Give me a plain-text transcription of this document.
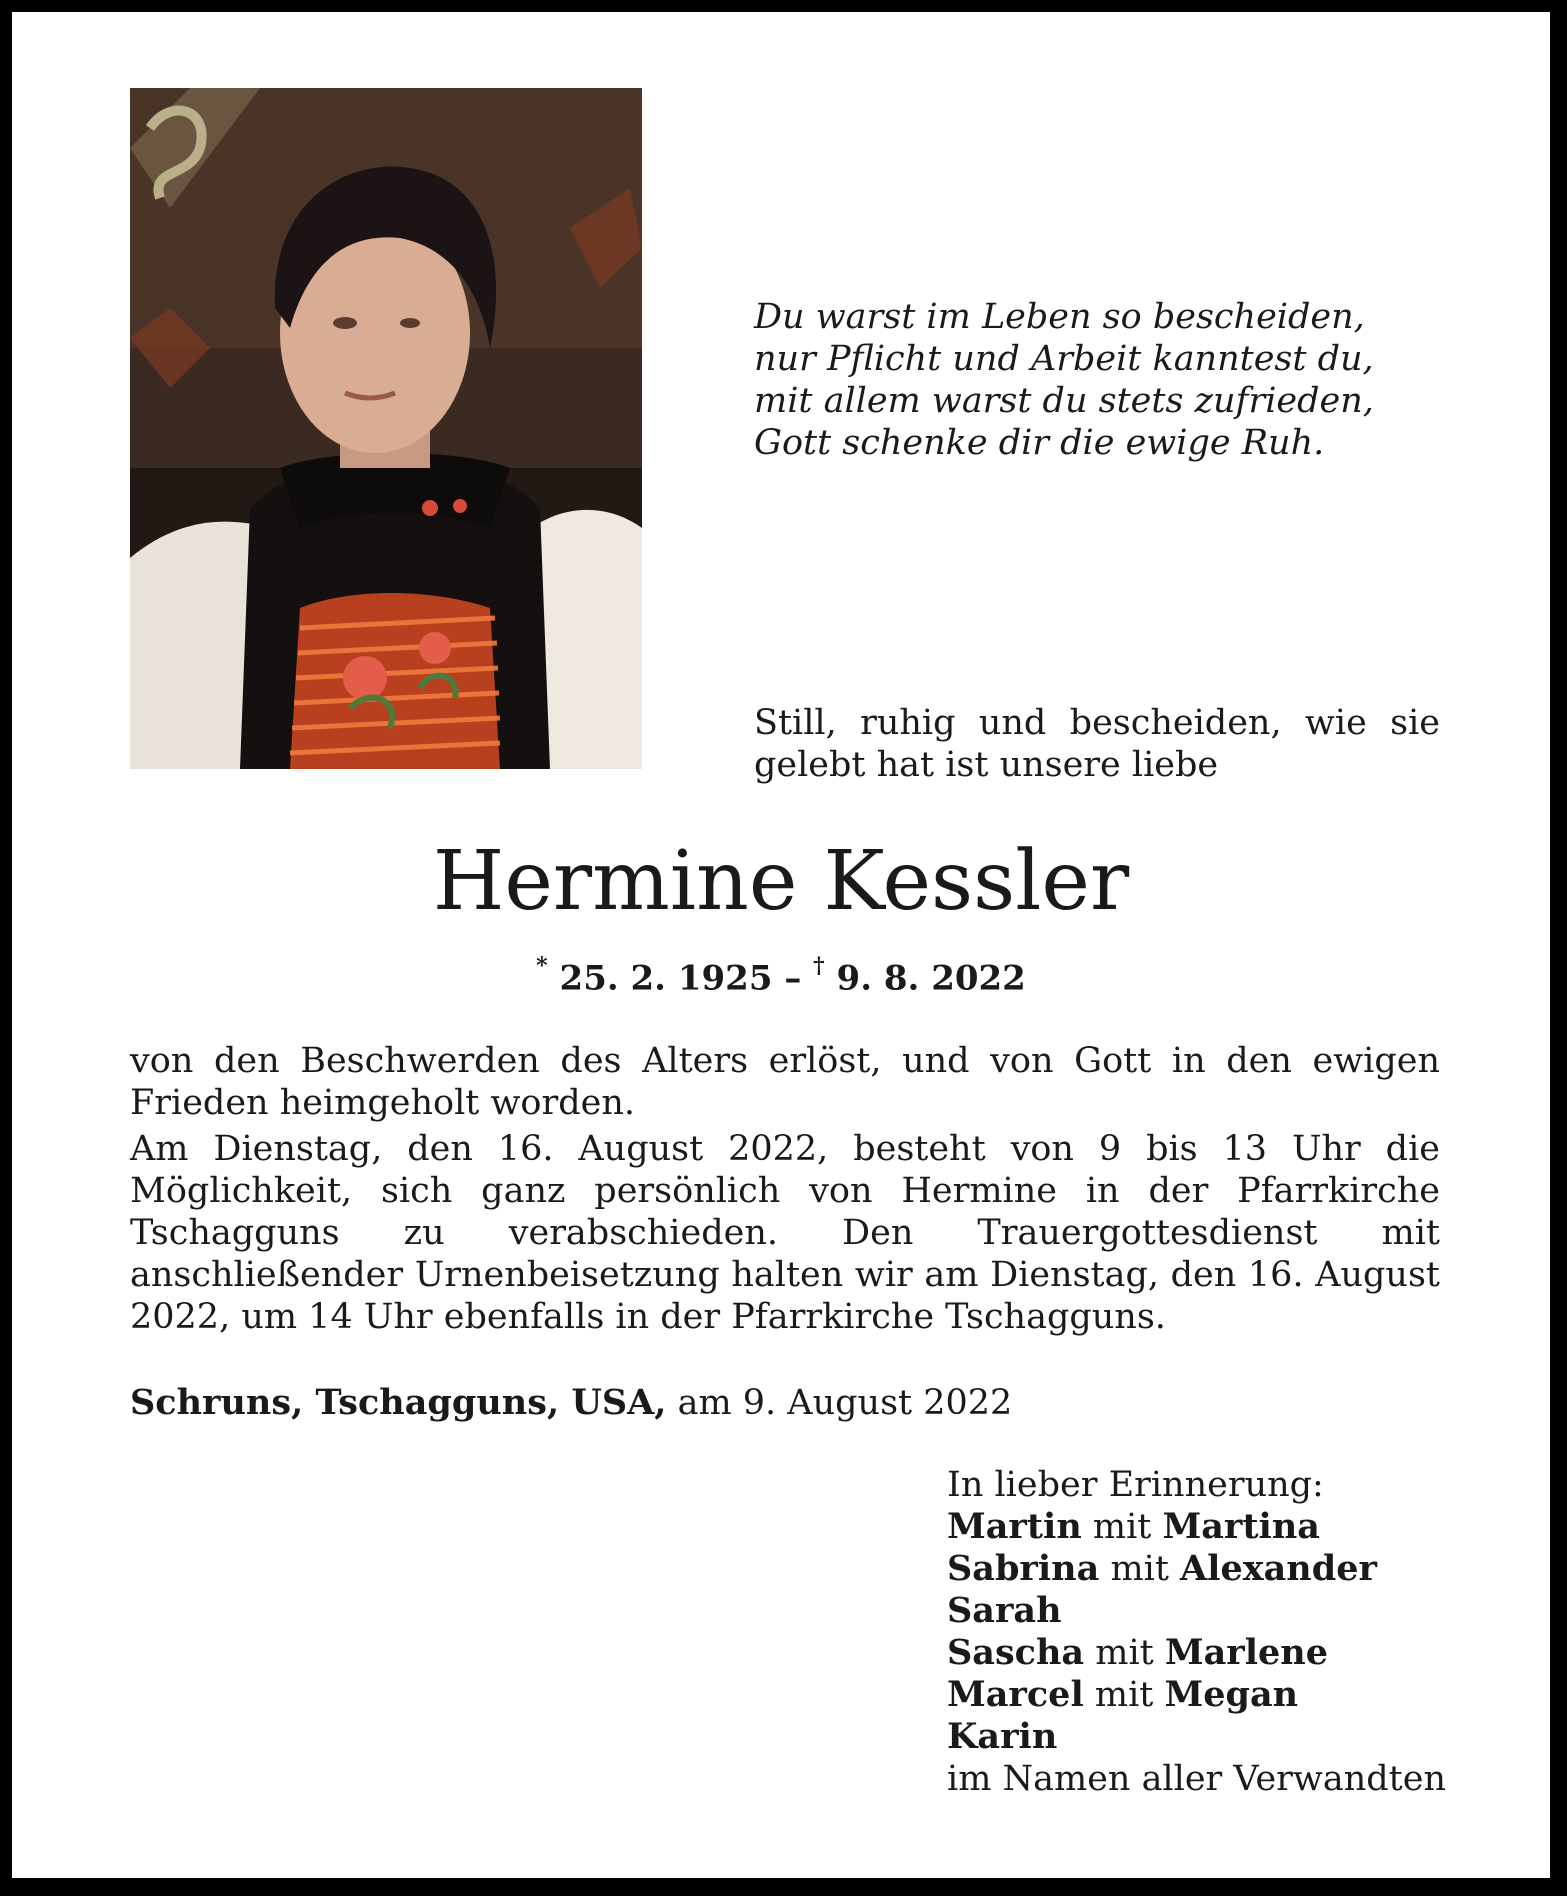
Du warst im Leben so bescheiden,
nur Pflicht und Arbeit kanntest du,
mit allem warst du stets zufrieden,
Gott schenke dir die ewige Ruh.
Still, ruhig und bescheiden, wie sie gelebt hat ist unsere liebe
Hermine Kessler
* 25. 2. 1925 – † 9. 8. 2022

von den Beschwerden des Alters erlöst, und von Gott in den ewigen Frieden heimgeholt worden.

Am Dienstag, den 16. August 2022, besteht von 9 bis 13 Uhr die Möglichkeit, sich ganz persönlich von Hermine in der Pfarrkirche Tschagguns zu verabschieden. Den Trauergottesdienst mit anschließender Urnenbeisetzung halten wir am Dienstag, den 16. August 2022, um 14 Uhr ebenfalls in der Pfarrkirche Tschagguns.

Schruns, Tschagguns, USA, am 9. August 2022
In lieber Erinnerung:
Martin mit Martina
Sabrina mit Alexander
Sarah
Sascha mit Marlene
Marcel mit Megan
Karin
im Namen aller Verwandten
